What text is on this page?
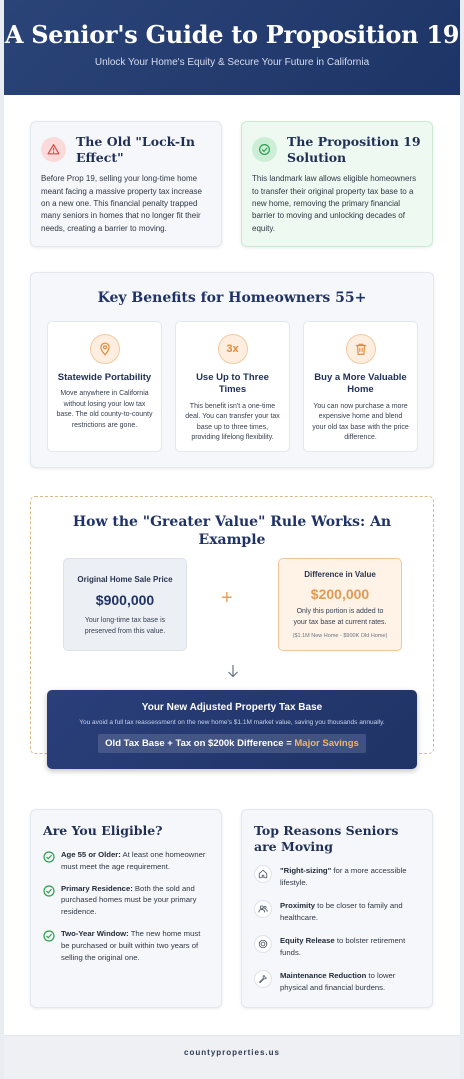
A Senior's Guide to Proposition 19

Unlock Your Home's Equity & Secure Your Future in California

The Old "Lock-In Effect"

Before Prop 19, selling your long-time home meant facing a massive property tax increase on a new one. This financial penalty trapped many seniors in homes that no longer fit their needs, creating a barrier to moving.

The Proposition 19 Solution

This landmark law allows eligible homeowners to transfer their original property tax base to a new home, removing the primary financial barrier to moving and unlocking decades of equity.

Key Benefits for Homeowners 55+
Statewide Portability

Move anywhere in California without losing your low tax base. The old county-to-county restrictions are gone.

3x
Use Up to Three Times

This benefit isn't a one-time deal. You can transfer your tax base up to three times, providing lifelong flexibility.

Buy a More Valuable Home

You can now purchase a more expensive home and blend your old tax base with the price difference.

How the "Greater Value" Rule Works: An Example
Original Home Sale Price
$900,000
Your long-time tax base is preserved from this value.
+
Difference in Value
$200,000
Only this portion is added to your tax base at current rates.
($1.1M New Home - $900K Old Home)
Your New Adjusted Property Tax Base

You avoid a full tax reassessment on the new home's $1.1M market value, saving you thousands annually.

Old Tax Base + Tax on $200k Difference = Major Savings
Are You Eligible?

Age 55 or Older: At least one homeowner must meet the age requirement.

Primary Residence: Both the sold and purchased homes must be your primary residence.

Two-Year Window: The new home must be purchased or built within two years of selling the original one.

Top Reasons Seniors are Moving

"Right-sizing" for a more accessible lifestyle.

Proximity to be closer to family and healthcare.

Equity Release to bolster retirement funds.

Maintenance Reduction to lower physical and financial burdens.

countyproperties.us
